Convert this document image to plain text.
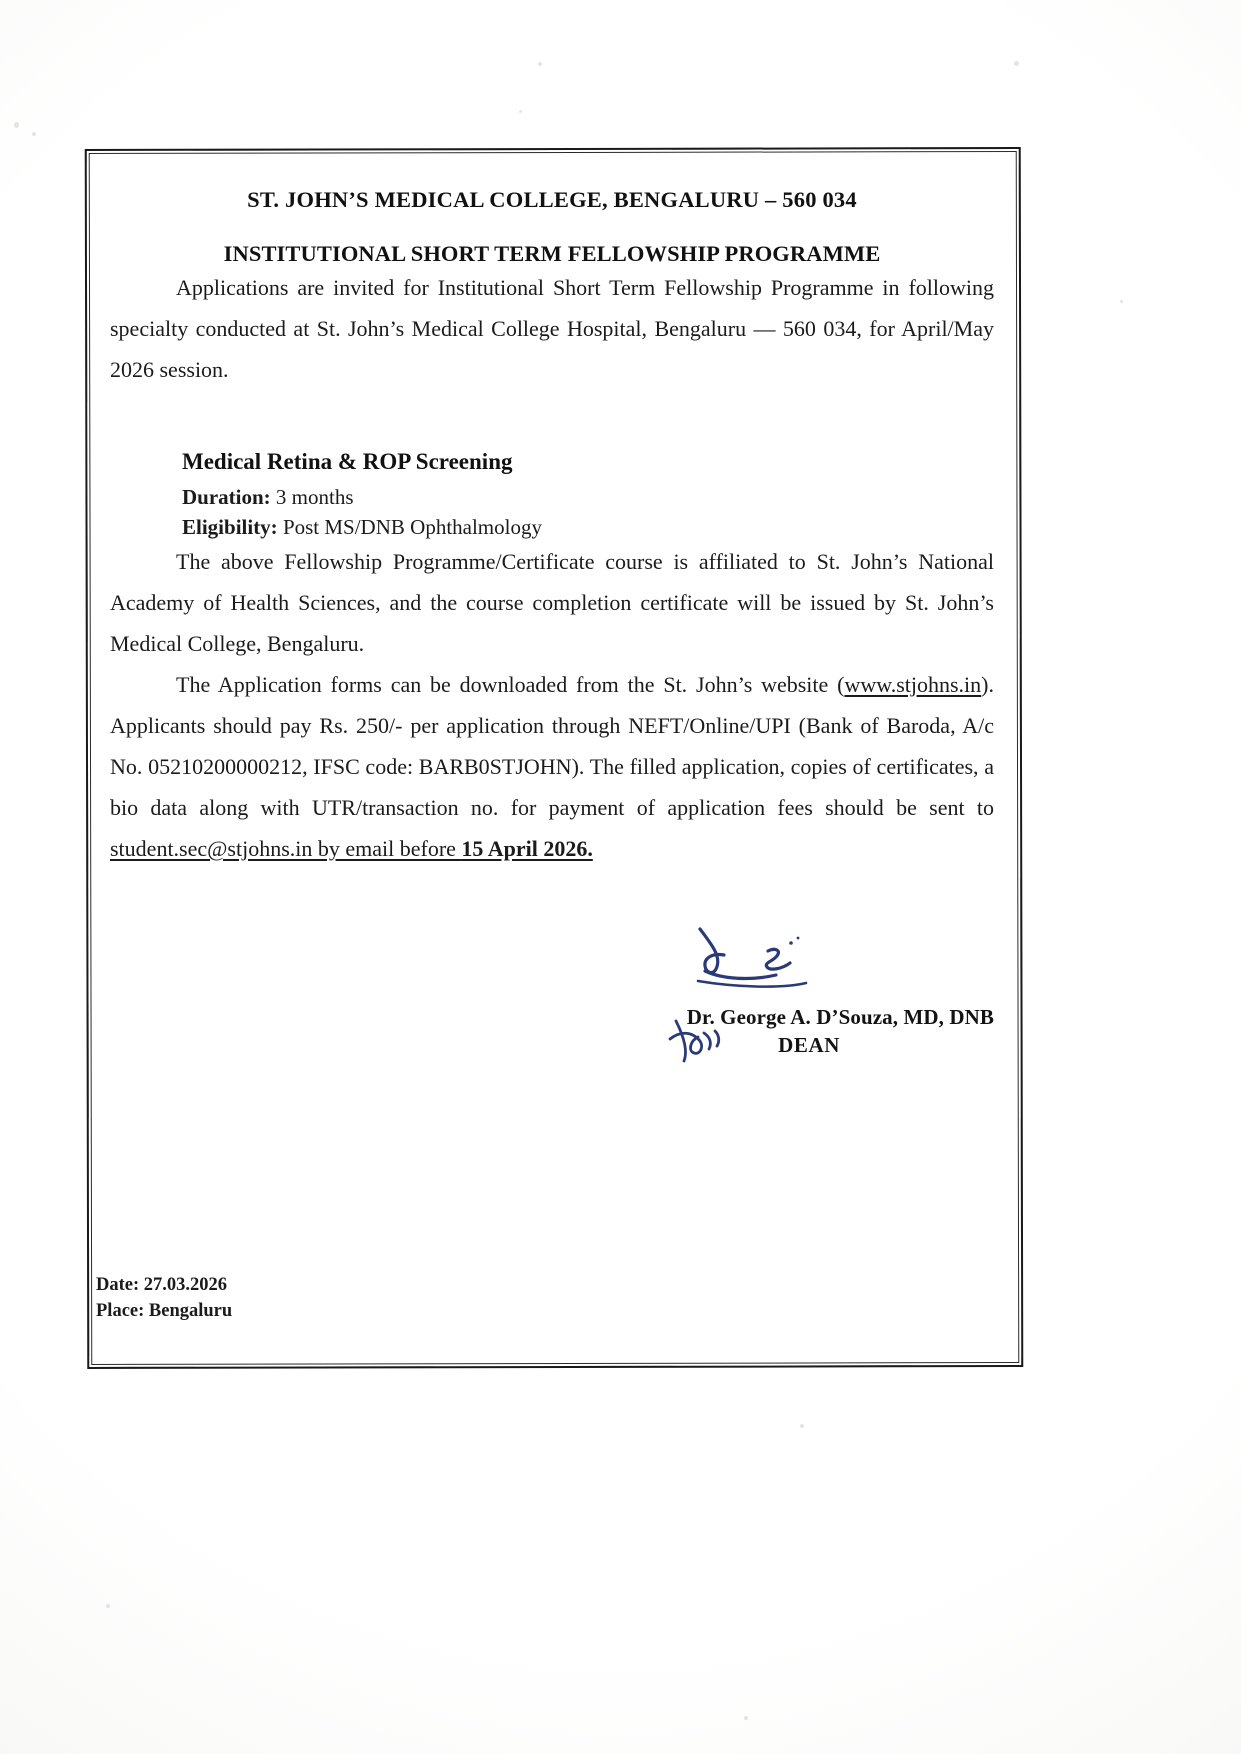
ST. JOHN’S MEDICAL COLLEGE, BENGALURU – 560 034
INSTITUTIONAL SHORT TERM FELLOWSHIP PROGRAMME

Applications are invited for Institutional Short Term Fellowship Programme in following specialty conducted at St. John’s Medical College Hospital, Bengaluru — 560 034, for April/May 2026 session.

Medical Retina & ROP Screening
Duration: 3 months
Eligibility: Post MS/DNB Ophthalmology

The above Fellowship Programme/Certificate course is affiliated to St. John’s National Academy of Health Sciences, and the course completion certificate will be issued by St. John’s Medical College, Bengaluru.

The Application forms can be downloaded from the St. John’s website (www.stjohns.in). Applicants should pay Rs. 250/- per application through NEFT/Online/UPI (Bank of Baroda, A/c No. 05210200000212, IFSC code: BARB0STJOHN). The filled application, copies of certificates, a bio data along with UTR/transaction no. for payment of application fees should be sent to student.sec@stjohns.in by email before 15 April 2026.

Dr. George A. D’Souza, MD, DNB
DEAN
Date: 27.03.2026
Place: Bengaluru
